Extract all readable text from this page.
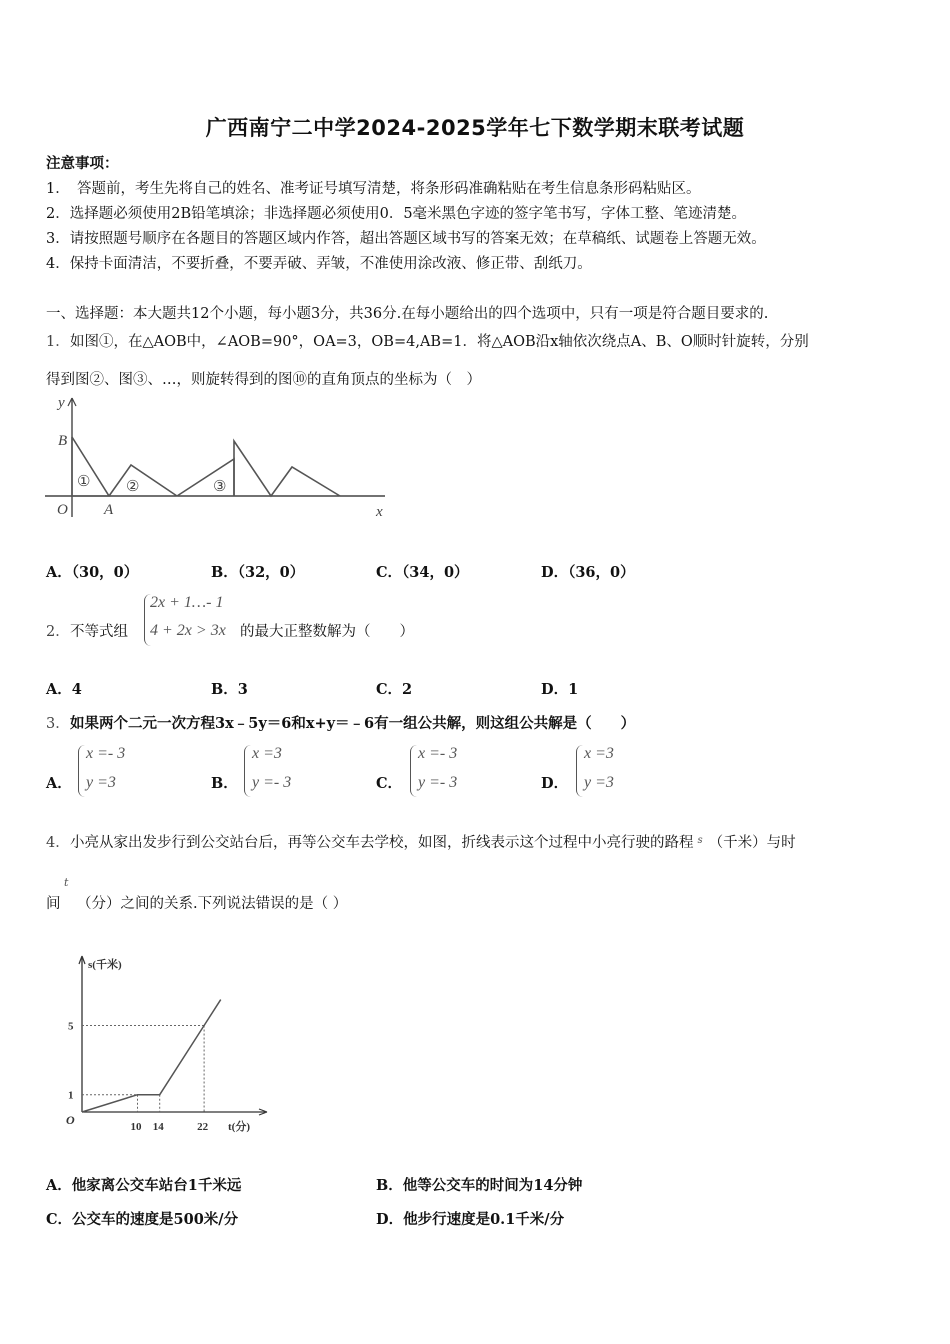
广西南宁二中学2024-2025学年七下数学期末联考试题
注意事项：
1．　答题前，考生先将自己的姓名、准考证号填写清楚，将条形码准确粘贴在考生信息条形码粘贴区。
2．选择题必须使用2B铅笔填涂；非选择题必须使用0．5毫米黑色字迹的签字笔书写，字体工整、笔迹清楚。
3．请按照题号顺序在各题目的答题区域内作答，超出答题区域书写的答案无效；在草稿纸、试题卷上答题无效。
4．保持卡面清洁，不要折叠，不要弄破、弄皱，不准使用涂改液、修正带、刮纸刀。
一、选择题：本大题共12个小题，每小题3分，共36分.在每小题给出的四个选项中，只有一项是符合题目要求的.
1． 如图①，在△AOB中，∠AOB=90°，OA=3，OB=4,AB=1．将△AOB沿x轴依次绕点A、B、O顺时针旋转，分别
得到图②、图③、…，则旋转得到的图⑩的直角顶点的坐标为（　）
y
x
B
O A
① ②	③
A．（30，0）	B．（32，0）	C．（34，0）	D．（36，0）
2． 不等式组
2x + 1…- 1
4 + 2x > 3x 的最大正整数解为（　　）
A．4	B．3	C．2	D．1
3． 如果两个二元一次方程3x﹣5y＝6和x+y＝﹣6有一组公共解，则这组公共解是（　　）
A．
x =- 3
y =3	B．
x =3
y =- 3	C．
x =- 3
y =- 3	D．
x =3
y =3
4． 小亮从家出发步行到公交站台后，再等公交车去学校，如图，折线表示这个过程中小亮行驶的路程 $^s$ （千米）与时
t
间 （分）之间的关系.下列说法错误的是（ ）
10 14	22
1
5
O
s(千米)
t(分)
A．他家离公交车站台1千米远	B．他等公交车的时间为14分钟
C．公交车的速度是500米/分	D．他步行速度是0.1千米/分
